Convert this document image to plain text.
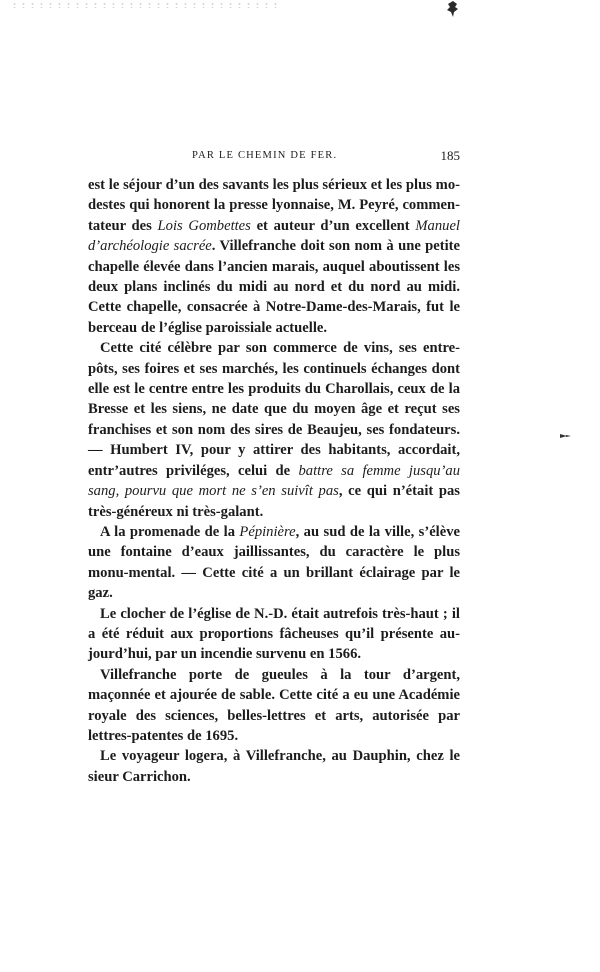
PAR LE CHEMIN DE FER.	185

est le séjour d’un des savants les plus sérieux et les plus mo-destes qui honorent la presse lyonnaise, M. Peyré, commen-tateur des Lois Gombettes et auteur d’un excellent Manuel d’archéologie sacrée. Villefranche doit son nom à une petite chapelle élevée dans l’ancien marais, auquel aboutissent les deux plans inclinés du midi au nord et du nord au midi. Cette chapelle, consacrée à Notre-Dame-des-Marais, fut le berceau de l’église paroissiale actuelle.

Cette cité célèbre par son commerce de vins, ses entre-pôts, ses foires et ses marchés, les continuels échanges dont elle est le centre entre les produits du Charollais, ceux de la Bresse et les siens, ne date que du moyen âge et reçut ses franchises et son nom des sires de Beaujeu, ses fondateurs. — Humbert IV, pour y attirer des habitants, accordait, entr’autres priviléges, celui de battre sa femme jusqu’au sang, pourvu que mort ne s’en suivît pas, ce qui n’était pas très-généreux ni très-galant.

A la promenade de la Pépinière, au sud de la ville, s’élève une fontaine d’eaux jaillissantes, du caractère le plus monu-mental. — Cette cité a un brillant éclairage par le gaz.

Le clocher de l’église de N.-D. était autrefois très-haut ; il a été réduit aux proportions fâcheuses qu’il présente au-jourd’hui, par un incendie survenu en 1566.

Villefranche porte de gueules à la tour d’argent, maçonnée et ajourée de sable. Cette cité a eu une Académie royale des sciences, belles-lettres et arts, autorisée par lettres-patentes de 1695.

Le voyageur logera, à Villefranche, au Dauphin, chez le sieur Carrichon.
